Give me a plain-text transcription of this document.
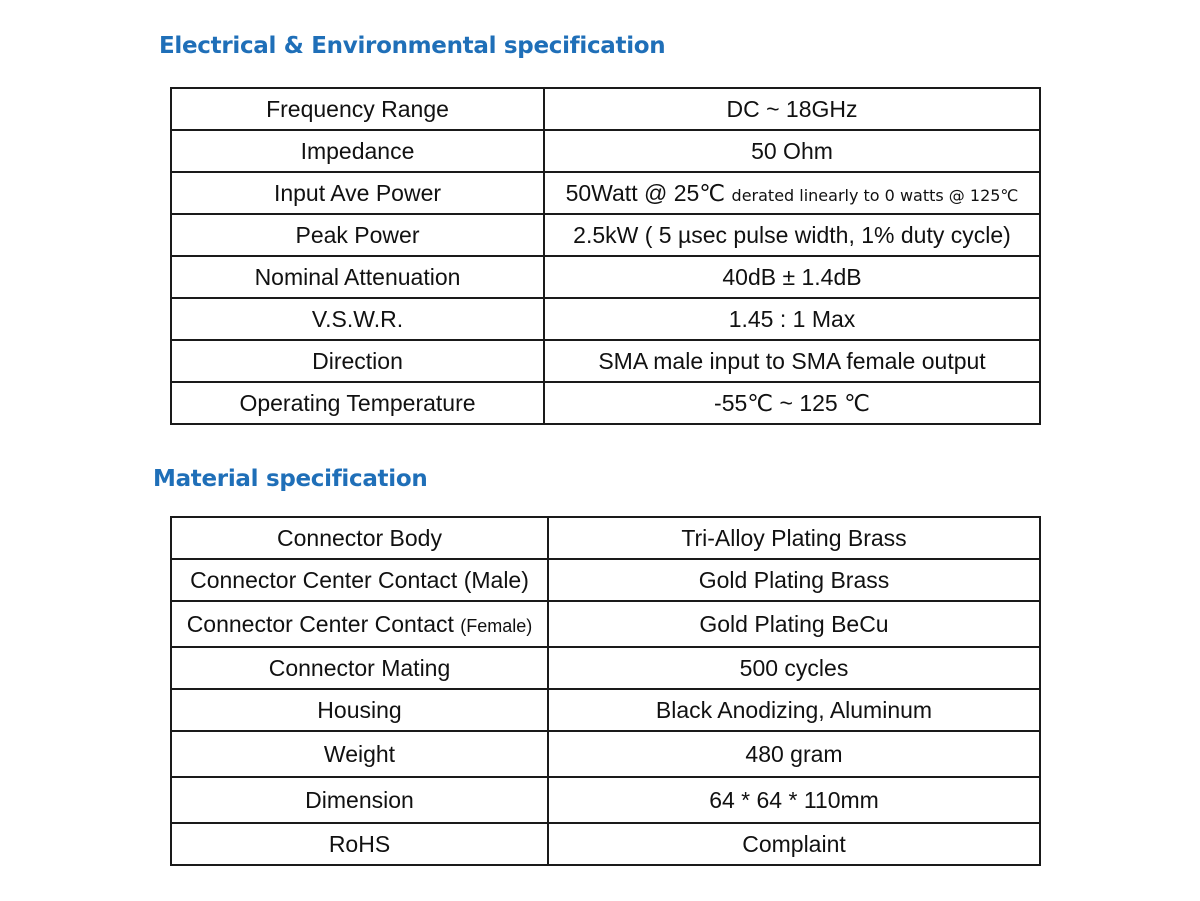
Electrical & Environmental specification
Frequency Range	DC ~ 18GHz
Impedance	50 Ohm
Input Ave Power	50Watt @ 25℃ derated linearly to 0 watts @ 125℃
Peak Power	2.5kW ( 5 µsec pulse width, 1% duty cycle)
Nominal Attenuation	40dB ± 1.4dB
V.S.W.R.	1.45 : 1 Max
Direction	SMA male input to SMA female output
Operating Temperature	-55℃ ~ 125 ℃
Material specification
Connector Body	Tri-Alloy Plating Brass
Connector Center Contact (Male)	Gold Plating Brass
Connector Center Contact (Female)	Gold Plating BeCu
Connector Mating	500 cycles
Housing	Black Anodizing, Aluminum
Weight	480 gram
Dimension	64 * 64 * 110mm
RoHS	Complaint
